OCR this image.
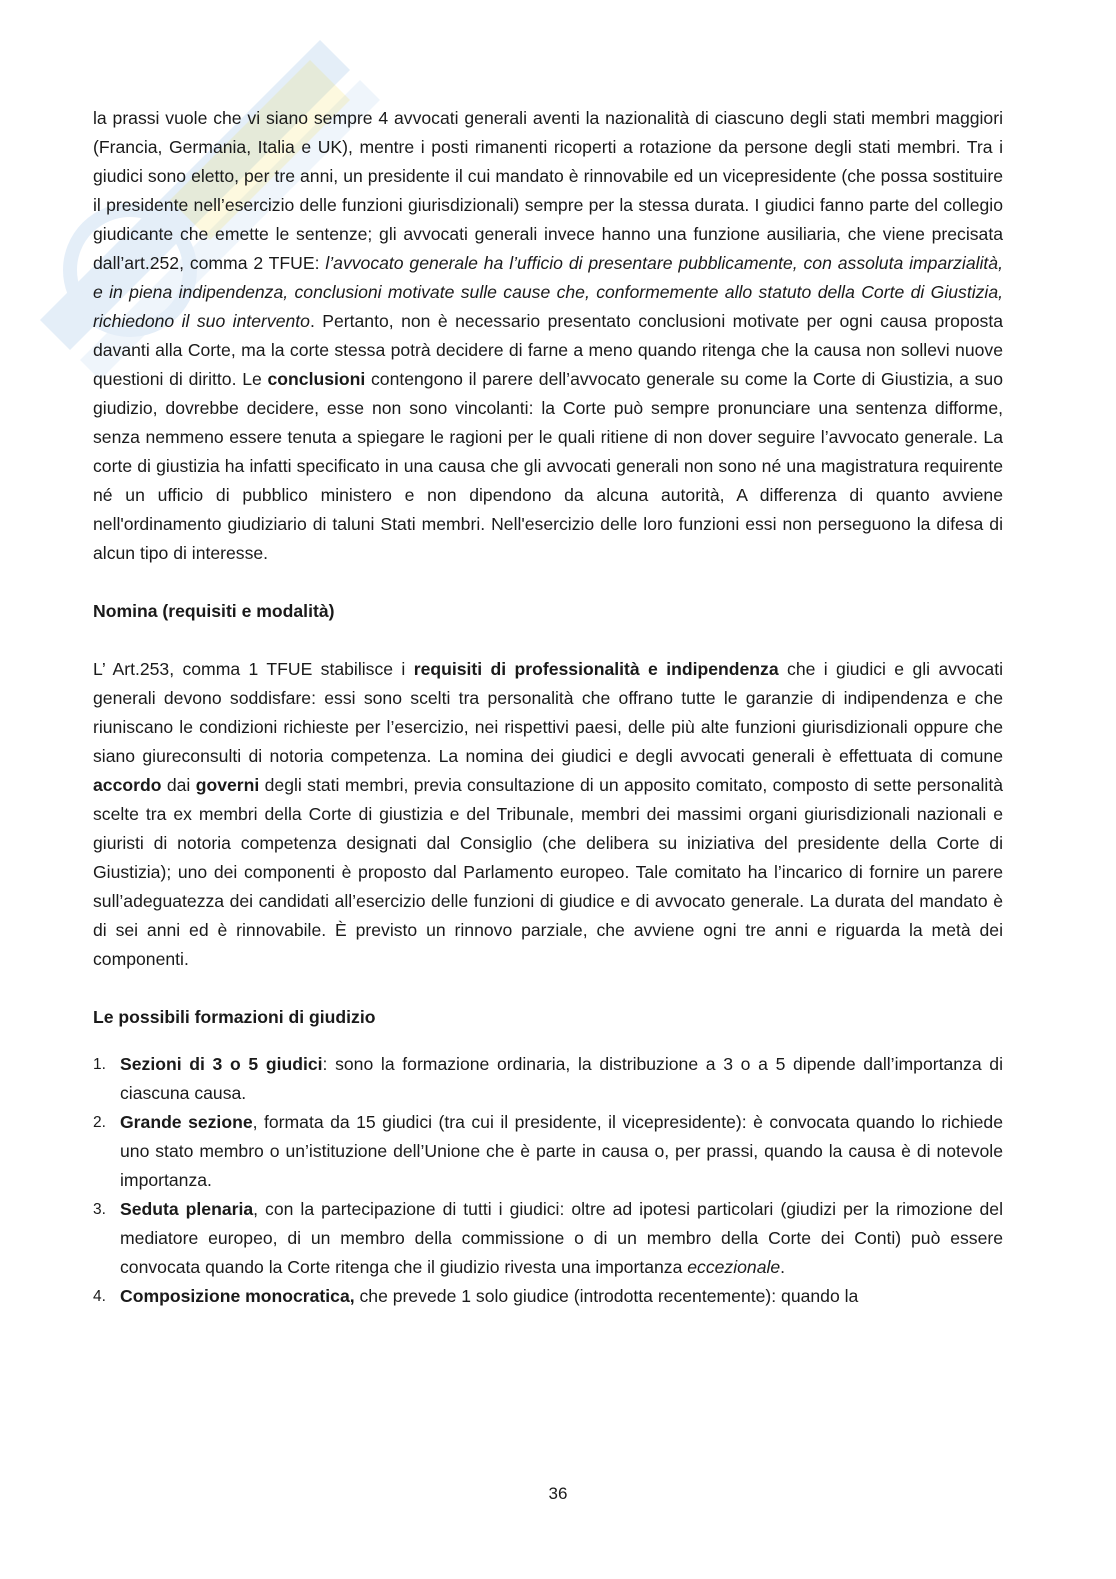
la prassi vuole che vi siano sempre 4 avvocati generali aventi la nazionalità di ciascuno degli stati membri maggiori (Francia, Germania, Italia e UK), mentre i posti rimanenti ricoperti a rotazione da persone degli stati membri. Tra i giudici sono eletto, per tre anni, un presidente il cui mandato è rinnovabile ed un vicepresidente (che possa sostituire il presidente nell’esercizio delle funzioni giurisdizionali) sempre per la stessa durata. I giudici fanno parte del collegio giudicante che emette le sentenze; gli avvocati generali invece hanno una funzione ausiliaria, che viene precisata dall’art.252, comma 2 TFUE: l’avvocato generale ha l’ufficio di presentare pubblicamente, con assoluta imparzialità, e in piena indipendenza, conclusioni motivate sulle cause che, conformemente allo statuto della Corte di Giustizia, richiedono il suo intervento. Pertanto, non è necessario presentato conclusioni motivate per ogni causa proposta davanti alla Corte, ma la corte stessa potrà decidere di farne a meno quando ritenga che la causa non sollevi nuove questioni di diritto. Le conclusioni contengono il parere dell’avvocato generale su come la Corte di Giustizia, a suo giudizio, dovrebbe decidere, esse non sono vincolanti: la Corte può sempre pronunciare una sentenza difforme, senza nemmeno essere tenuta a spiegare le ragioni per le quali ritiene di non dover seguire l’avvocato generale. La corte di giustizia ha infatti specificato in una causa che gli avvocati generali non sono né una magistratura requirente né un ufficio di pubblico ministero e non dipendono da alcuna autorità, A differenza di quanto avviene nell'ordinamento giudiziario di taluni Stati membri. Nell'esercizio delle loro funzioni essi non perseguono la difesa di alcun tipo di interesse.

Nomina (requisiti e modalità)

L’ Art.253, comma 1 TFUE stabilisce i requisiti di professionalità e indipendenza che i giudici e gli avvocati generali devono soddisfare: essi sono scelti tra personalità che offrano tutte le garanzie di indipendenza e che riuniscano le condizioni richieste per l’esercizio, nei rispettivi paesi, delle più alte funzioni giurisdizionali oppure che siano giureconsulti di notoria competenza. La nomina dei giudici e degli avvocati generali è effettuata di comune accordo dai governi degli stati membri, previa consultazione di un apposito comitato, composto di sette personalità scelte tra ex membri della Corte di giustizia e del Tribunale, membri dei massimi organi giurisdizionali nazionali e giuristi di notoria competenza designati dal Consiglio (che delibera su iniziativa del presidente della Corte di Giustizia); uno dei componenti è proposto dal Parlamento europeo. Tale comitato ha l’incarico di fornire un parere sull’adeguatezza dei candidati all’esercizio delle funzioni di giudice e di avvocato generale. La durata del mandato è di sei anni ed è rinnovabile. È previsto un rinnovo parziale, che avviene ogni tre anni e riguarda la metà dei componenti.

Le possibili formazioni di giudizio

1. Sezioni di 3 o 5 giudici: sono la formazione ordinaria, la distribuzione a 3 o a 5 dipende dall’importanza di ciascuna causa.
2. Grande sezione, formata da 15 giudici (tra cui il presidente, il vicepresidente): è convocata quando lo richiede uno stato membro o un’istituzione dell’Unione che è parte in causa o, per prassi, quando la causa è di notevole importanza.
3. Seduta plenaria, con la partecipazione di tutti i giudici: oltre ad ipotesi particolari (giudizi per la rimozione del mediatore europeo, di un membro della commissione o di un membro della Corte dei Conti) può essere convocata quando la Corte ritenga che il giudizio rivesta una importanza eccezionale.
4. Composizione monocratica, che prevede 1 solo giudice (introdotta recentemente): quando la
36
